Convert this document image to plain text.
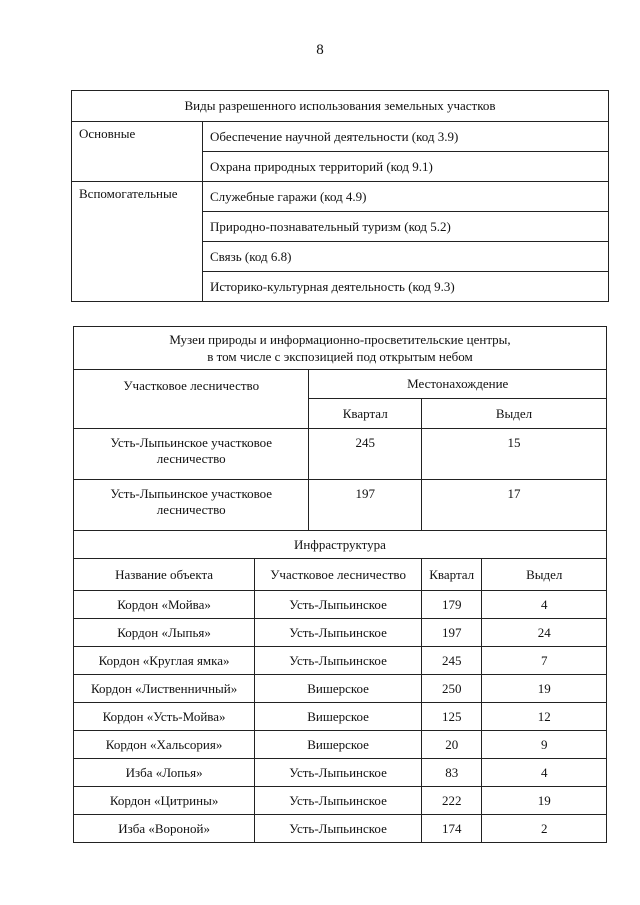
8
Виды разрешенного использования земельных участков	
Основные	Обеспечение научной деятельности (код 3.9)
	Охрана природных территорий (код 9.1)
Вспомогательные	Служебные гаражи (код 4.9)
	Природно-познавательный туризм (код 5.2)
	Связь (код 6.8)
	Историко-культурная деятельность (код 9.3)
Музеи природы и информационно-просветительские центры,
в том числе с экспозицией под открытым небом				

Участковое лесничество		Местонахождение		
		Квартал	Выдел	

Усть-Лыпьинское участковое
лесничество		245	15	

Усть-Лыпьинское участковое
лесничество		197	17	
Инфраструктура				
Название объекта	Участковое лесничество		Квартал	Выдел
Кордон «Мойва»	Усть-Лыпьинское		179	4
Кордон «Лыпья»	Усть-Лыпьинское		197	24
Кордон «Круглая ямка»	Усть-Лыпьинское		245	7
Кордон «Лиственничный»	Вишерское		250	19
Кордон «Усть-Мойва»	Вишерское		125	12
Кордон «Хальсория»	Вишерское		20	9
Изба «Лопья»	Усть-Лыпьинское		83	4
Кордон «Цитрины»	Усть-Лыпьинское		222	19
Изба «Вороной»	Усть-Лыпьинское		174	2
